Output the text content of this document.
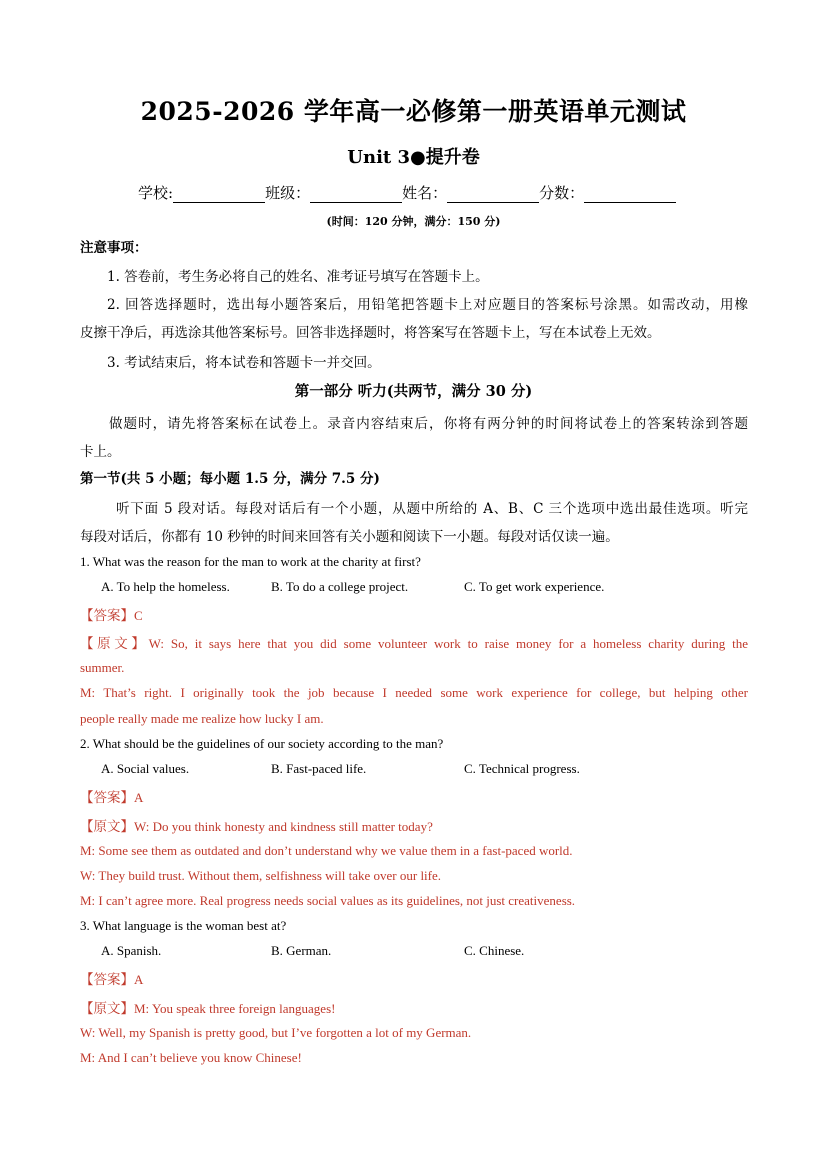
2025-2026 学年高一必修第一册英语单元测试
Unit 3●提升卷
学校:	班级：	姓名：	分数：
(时间：120 分钟，满分：150 分)
注意事项：
1. 答卷前，考生务必将自己的姓名、准考证号填写在答题卡上。
2. 回答选择题时，选出每小题答案后，用铅笔把答题卡上对应题目的答案标号涂黑。如需改动，用橡
皮擦干净后，再选涂其他答案标号。回答非选择题时，将答案写在答题卡上，写在本试卷上无效。
3. 考试结束后，将本试卷和答题卡一并交回。
第一部分 听力(共两节，满分 30 分)
做题时，请先将答案标在试卷上。录音内容结束后，你将有两分钟的时间将试卷上的答案转涂到答题
卡上。
第一节(共 5 小题；每小题 1.5 分，满分 7.5 分)
听下面 5 段对话。每段对话后有一个小题，从题中所给的 A、B、C 三个选项中选出最佳选项。听完
每段对话后，你都有 10 秒钟的时间来回答有关小题和阅读下一小题。每段对话仅读一遍。
1. What was the reason for the man to work at the charity at first?
A. To help the homeless.	B. To do a college project.	C. To get work experience.
【答案】C
【原文】W: So, it says here that you did some volunteer work to raise money for a homeless charity during the
summer.
M: That’s right. I originally took the job because I needed some work experience for college, but helping other
people really made me realize how lucky I am.
2. What should be the guidelines of our society according to the man?
A. Social values.	B. Fast-paced life.	C. Technical progress.
【答案】A
【原文】W: Do you think honesty and kindness still matter today?
M: Some see them as outdated and don’t understand why we value them in a fast-paced world.
W: They build trust. Without them, selfishness will take over our life.
M: I can’t agree more. Real progress needs social values as its guidelines, not just creativeness.
3. What language is the woman best at?
A. Spanish.	B. German.	C. Chinese.
【答案】A
【原文】M: You speak three foreign languages!
W: Well, my Spanish is pretty good, but I’ve forgotten a lot of my German.
M: And I can’t believe you know Chinese!
